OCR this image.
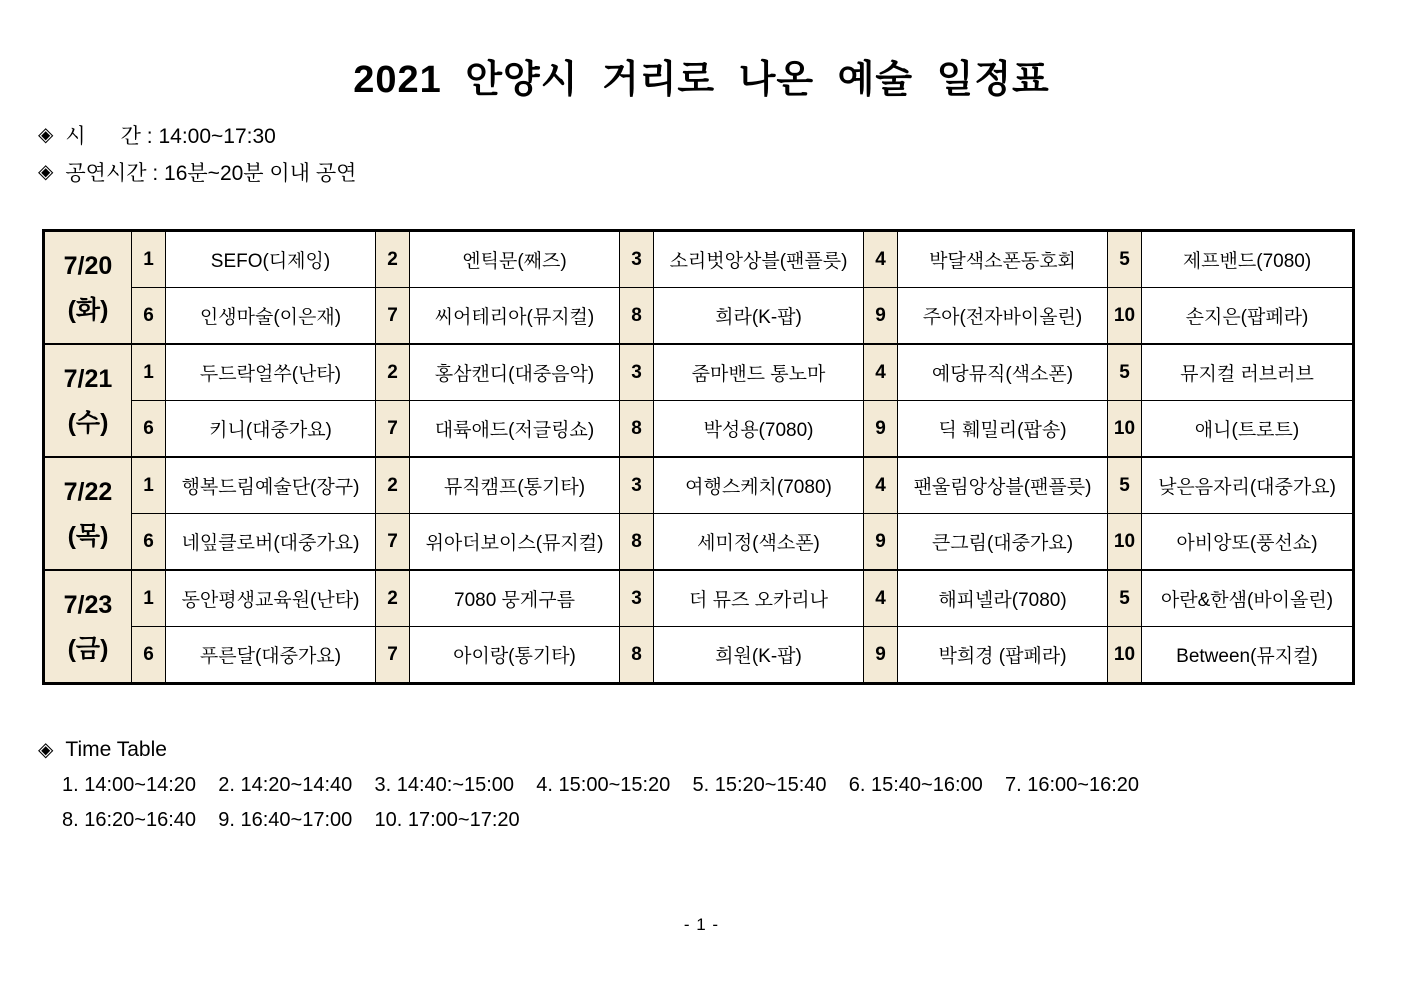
2021 안양시 거리로 나온 예술 일정표
◈ 시      간 : 14:00~17:30
◈ 공연시간 : 16분~20분 이내 공연
7/20
(화)	1	SEFO(디제잉)	2	엔틱문(째즈)	3	소리벗앙상블(팬플릇)	4	박달색소폰동호회	5	제프밴드(7080)
	6	인생마술(이은재)	7	씨어테리아(뮤지컬)	8	희라(K-팝)	9	주아(전자바이올린)	10	손지은(팝페라)

7/21
(수)	1	두드락얼쑤(난타)	2	홍삼캔디(대중음악)	3	줌마밴드 통노마	4	예당뮤직(색소폰)	5	뮤지컬 러브러브
	6	키니(대중가요)	7	대륙애드(저글링쇼)	8	박성용(7080)	9	딕 훼밀리(팝송)	10	애니(트로트)

7/22
(목)	1	행복드림예술단(장구)	2	뮤직캠프(통기타)	3	여행스케치(7080)	4	팬울림앙상블(팬플릇)	5	낮은음자리(대중가요)
	6	네잎클로버(대중가요)	7	위아더보이스(뮤지컬)	8	세미정(색소폰)	9	큰그림(대중가요)	10	아비앙또(풍선쇼)

7/23
(금)	1	동안평생교육원(난타)	2	7080 뭉게구름	3	더 뮤즈 오카리나	4	해피넬라(7080)	5	아란&한샘(바이올린)
	6	푸른달(대중가요)	7	아이랑(통기타)	8	희원(K-팝)	9	박희경 (팝페라)	10	Between(뮤지컬)
◈ Time Table
1. 14:00~14:20    2. 14:20~14:40    3. 14:40:~15:00    4. 15:00~15:20    5. 15:20~15:40    6. 15:40~16:00    7. 16:00~16:20
8. 16:20~16:40    9. 16:40~17:00    10. 17:00~17:20
- 1 -
